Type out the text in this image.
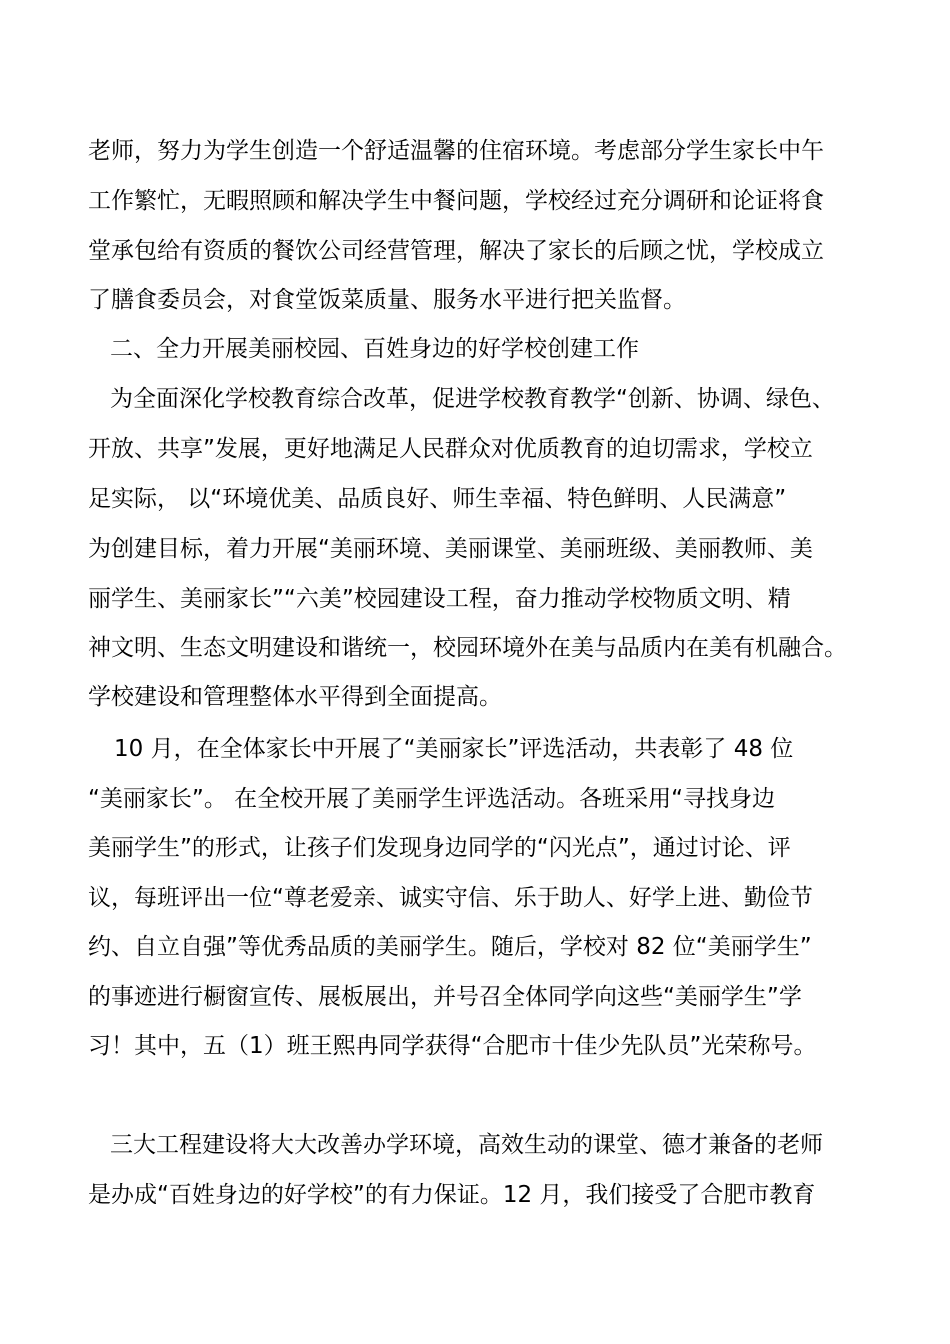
老师，努力为学生创造一个舒适温馨的住宿环境。考虑部分学生家长中午
工作繁忙，无暇照顾和解决学生中餐问题，学校经过充分调研和论证将食
堂承包给有资质的餐饮公司经营管理，解决了家长的后顾之忧，学校成立
了膳食委员会，对食堂饭菜质量、服务水平进行把关监督。
二、全力开展美丽校园、百姓身边的好学校创建工作
为全面深化学校教育综合改革，促进学校教育教学“创新、协调、绿色、
开放、共享”发展，更好地满足人民群众对优质教育的迫切需求，学校立
足实际， 以“环境优美、品质良好、师生幸福、特色鲜明、人民满意”
为创建目标，着力开展“美丽环境、美丽课堂、美丽班级、美丽教师、美
丽学生、美丽家长”“六美”校园建设工程，奋力推动学校物质文明、精
神文明、生态文明建设和谐统一，校园环境外在美与品质内在美有机融合。
学校建设和管理整体水平得到全面提高。
10 月，在全体家长中开展了“美丽家长”评选活动，共表彰了 48 位
“美丽家长”。 在全校开展了美丽学生评选活动。各班采用“寻找身边
美丽学生”的形式，让孩子们发现身边同学的“闪光点”，通过讨论、评
议，每班评出一位“尊老爱亲、诚实守信、乐于助人、好学上进、勤俭节
约、自立自强”等优秀品质的美丽学生。随后，学校对 82 位“美丽学生”
的事迹进行橱窗宣传、展板展出，并号召全体同学向这些“美丽学生”学
习！其中，五（1）班王熙冉同学获得“合肥市十佳少先队员”光荣称号。
三大工程建设将大大改善办学环境，高效生动的课堂、德才兼备的老师
是办成“百姓身边的好学校”的有力保证。12 月，我们接受了合肥市教育
